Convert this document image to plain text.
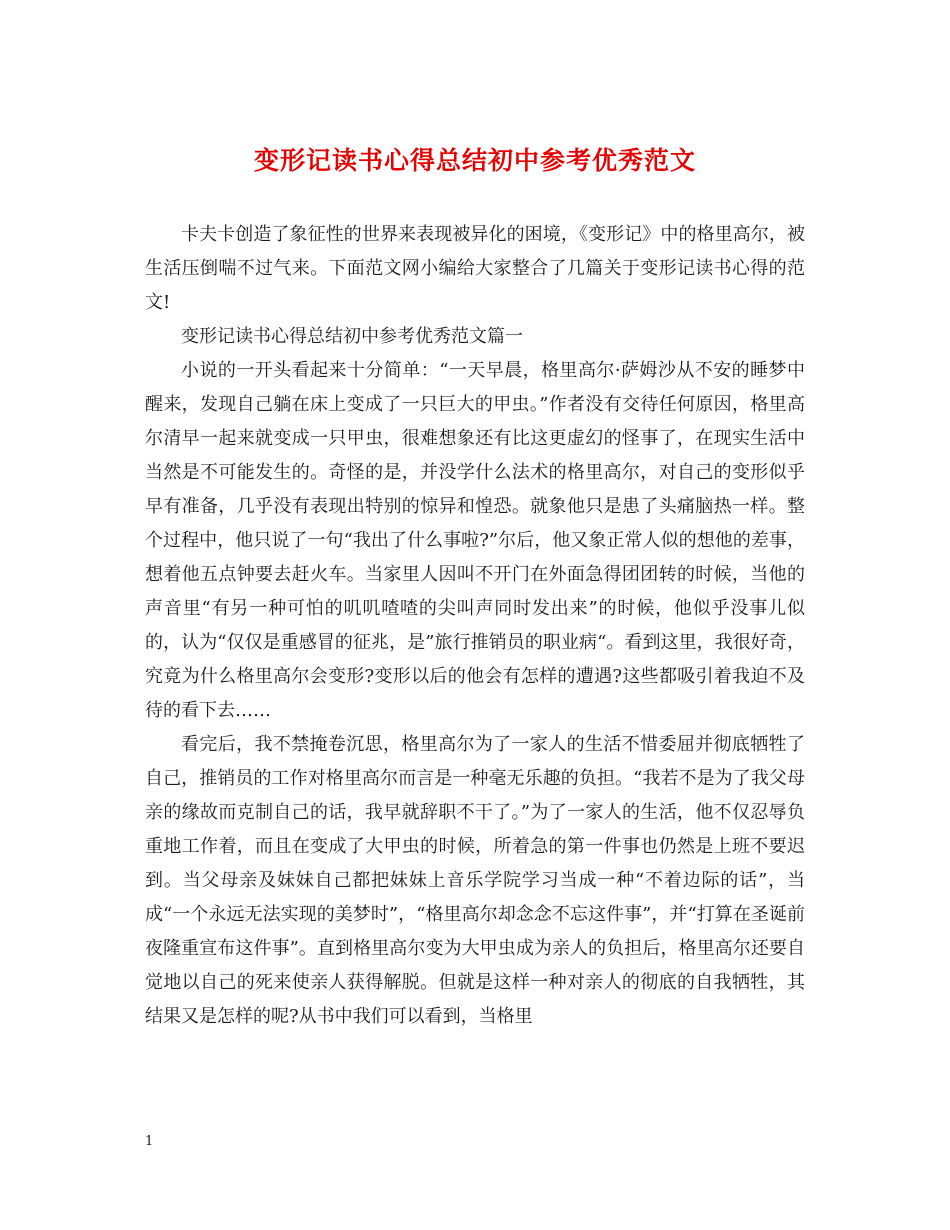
变形记读书心得总结初中参考优秀范文

卡夫卡创造了象征性的世界来表现被异化的困境，《变形记》中的格里高尔，被生活压倒喘不过气来。下面范文网小编给大家整合了几篇关于变形记读书心得的范文!

变形记读书心得总结初中参考优秀范文篇一

小说的一开头看起来十分简单：“一天早晨，格里高尔·萨姆沙从不安的睡梦中醒来，发现自己躺在床上变成了一只巨大的甲虫。”作者没有交待任何原因，格里高尔清早一起来就变成一只甲虫，很难想象还有比这更虚幻的怪事了，在现实生活中当然是不可能发生的。奇怪的是，并没学什么法术的格里高尔，对自己的变形似乎早有准备，几乎没有表现出特别的惊异和惶恐。就象他只是患了头痛脑热一样。整个过程中，他只说了一句“我出了什么事啦?”尔后，他又象正常人似的想他的差事，想着他五点钟要去赶火车。当家里人因叫不开门在外面急得团团转的时候，当他的声音里“有另一种可怕的叽叽喳喳的尖叫声同时发出来”的时候，他似乎没事儿似的，认为“仅仅是重感冒的征兆，是”旅行推销员的职业病“。看到这里，我很好奇，究竟为什么格里高尔会变形?变形以后的他会有怎样的遭遇?这些都吸引着我迫不及待的看下去……

看完后，我不禁掩卷沉思，格里高尔为了一家人的生活不惜委屈并彻底牺牲了自己，推销员的工作对格里高尔而言是一种毫无乐趣的负担。“我若不是为了我父母亲的缘故而克制自己的话，我早就辞职不干了。”为了一家人的生活，他不仅忍辱负重地工作着，而且在变成了大甲虫的时候，所着急的第一件事也仍然是上班不要迟到。当父母亲及妹妹自己都把妹妹上音乐学院学习当成一种“不着边际的话”，当成“一个永远无法实现的美梦时”，“格里高尔却念念不忘这件事”，并“打算在圣诞前夜隆重宣布这件事”。直到格里高尔变为大甲虫成为亲人的负担后，格里高尔还要自觉地以自己的死来使亲人获得解脱。但就是这样一种对亲人的彻底的自我牺牲，其结果又是怎样的呢?从书中我们可以看到，当格里

1
